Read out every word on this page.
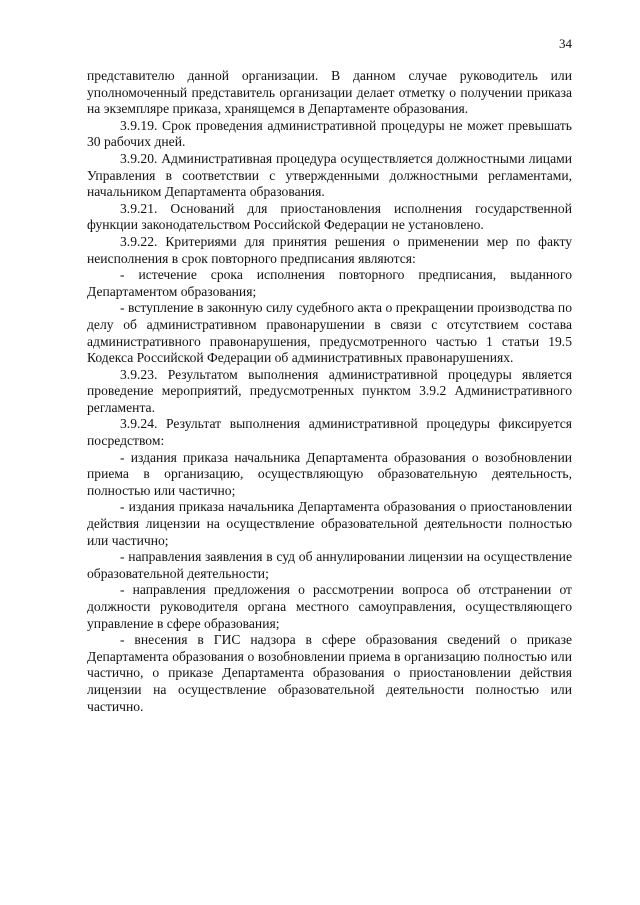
34

представителю данной организации. В данном случае руководитель или уполномоченный представитель организации делает отметку о получении приказа на экземпляре приказа, хранящемся в Департаменте образования.

3.9.19. Срок проведения административной процедуры не может превышать 30 рабочих дней.

3.9.20. Административная процедура осуществляется должностными лицами Управления в соответствии с утвержденными должностными регламентами, начальником Департамента образования.

3.9.21. Оснований для приостановления исполнения государственной функции законодательством Российской Федерации не установлено.

3.9.22. Критериями для принятия решения о применении мер по факту неисполнения в срок повторного предписания являются:

- истечение срока исполнения повторного предписания, выданного Департаментом образования;

- вступление в законную силу судебного акта о прекращении производства по делу об административном правонарушении в связи с отсутствием состава административного правонарушения, предусмотренного частью 1 статьи 19.5 Кодекса Российской Федерации об административных правонарушениях.

3.9.23. Результатом выполнения административной процедуры является проведение мероприятий, предусмотренных пунктом 3.9.2 Административного регламента.

3.9.24. Результат выполнения административной процедуры фиксируется посредством:

- издания приказа начальника Департамента образования о возобновлении приема в организацию, осуществляющую образовательную деятельность, полностью или частично;

- издания приказа начальника Департамента образования о приостановлении действия лицензии на осуществление образовательной деятельности полностью или частично;

- направления заявления в суд об аннулировании лицензии на осуществление образовательной деятельности;

- направления предложения о рассмотрении вопроса об отстранении от должности руководителя органа местного самоуправления, осуществляющего управление в сфере образования;

- внесения в ГИС надзора в сфере образования сведений о приказе Департамента образования о возобновлении приема в организацию полностью или частично, о приказе Департамента образования о приостановлении действия лицензии на осуществление образовательной деятельности полностью или частично.
